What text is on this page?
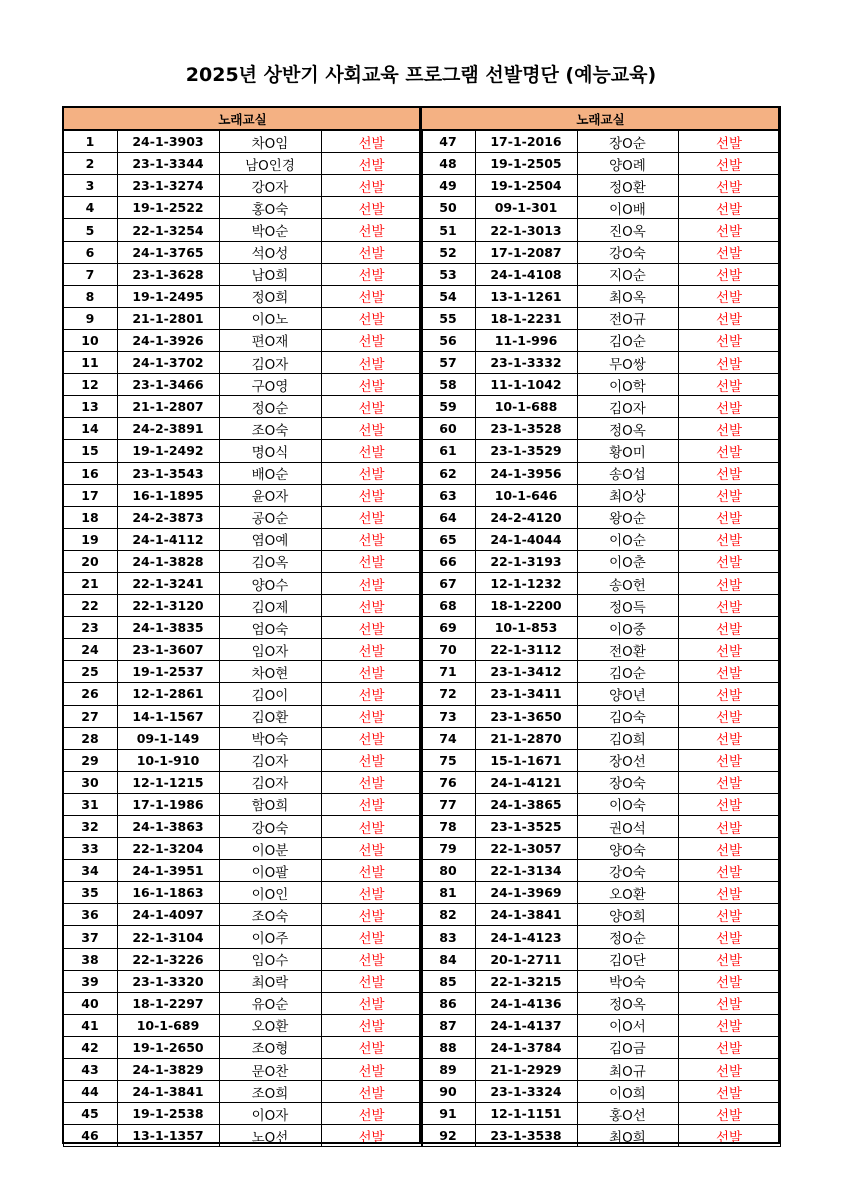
2025년 상반기 사회교육 프로그램 선발명단 (예능교육)
노래교실			
1	24-1-3903	차O임	선발
2	23-1-3344	남O인경	선발
3	23-1-3274	강O자	선발
4	19-1-2522	홍O숙	선발
5	22-1-3254	박O순	선발
6	24-1-3765	석O성	선발
7	23-1-3628	남O희	선발
8	19-1-2495	정O희	선발
9	21-1-2801	이O노	선발
10	24-1-3926	편O재	선발
11	24-1-3702	김O자	선발
12	23-1-3466	구O영	선발
13	21-1-2807	정O순	선발
14	24-2-3891	조O숙	선발
15	19-1-2492	명O식	선발
16	23-1-3543	배O순	선발
17	16-1-1895	윤O자	선발
18	24-2-3873	공O순	선발
19	24-1-4112	염O예	선발
20	24-1-3828	김O옥	선발
21	22-1-3241	양O수	선발
22	22-1-3120	김O제	선발
23	24-1-3835	엄O숙	선발
24	23-1-3607	임O자	선발
25	19-1-2537	차O현	선발
26	12-1-2861	김O이	선발
27	14-1-1567	김O환	선발
28	09-1-149	박O숙	선발
29	10-1-910	김O자	선발
30	12-1-1215	김O자	선발
31	17-1-1986	함O희	선발
32	24-1-3863	강O숙	선발
33	22-1-3204	이O분	선발
34	24-1-3951	이O팔	선발
35	16-1-1863	이O인	선발
36	24-1-4097	조O숙	선발
37	22-1-3104	이O주	선발
38	22-1-3226	임O수	선발
39	23-1-3320	최O락	선발
40	18-1-2297	유O순	선발
41	10-1-689	오O환	선발
42	19-1-2650	조O형	선발
43	24-1-3829	문O찬	선발
44	24-1-3841	조O희	선발
45	19-1-2538	이O자	선발
46	13-1-1357	노O선	선발
노래교실			
47	17-1-2016	장O순	선발
48	19-1-2505	양O례	선발
49	19-1-2504	정O환	선발
50	09-1-301	이O배	선발
51	22-1-3013	진O옥	선발
52	17-1-2087	강O숙	선발
53	24-1-4108	지O순	선발
54	13-1-1261	최O옥	선발
55	18-1-2231	전O규	선발
56	11-1-996	김O순	선발
57	23-1-3332	무O쌍	선발
58	11-1-1042	이O학	선발
59	10-1-688	김O자	선발
60	23-1-3528	정O옥	선발
61	23-1-3529	황O미	선발
62	24-1-3956	송O섭	선발
63	10-1-646	최O상	선발
64	24-2-4120	왕O순	선발
65	24-1-4044	이O순	선발
66	22-1-3193	이O춘	선발
67	12-1-1232	송O헌	선발
68	18-1-2200	정O득	선발
69	10-1-853	이O중	선발
70	22-1-3112	전O환	선발
71	23-1-3412	김O순	선발
72	23-1-3411	양O년	선발
73	23-1-3650	김O숙	선발
74	21-1-2870	김O희	선발
75	15-1-1671	장O선	선발
76	24-1-4121	장O숙	선발
77	24-1-3865	이O숙	선발
78	23-1-3525	권O석	선발
79	22-1-3057	양O숙	선발
80	22-1-3134	강O숙	선발
81	24-1-3969	오O환	선발
82	24-1-3841	양O희	선발
83	24-1-4123	정O순	선발
84	20-1-2711	김O단	선발
85	22-1-3215	박O숙	선발
86	24-1-4136	정O옥	선발
87	24-1-4137	이O서	선발
88	24-1-3784	김O금	선발
89	21-1-2929	최O규	선발
90	23-1-3324	이O희	선발
91	12-1-1151	홍O선	선발
92	23-1-3538	최O희	선발
